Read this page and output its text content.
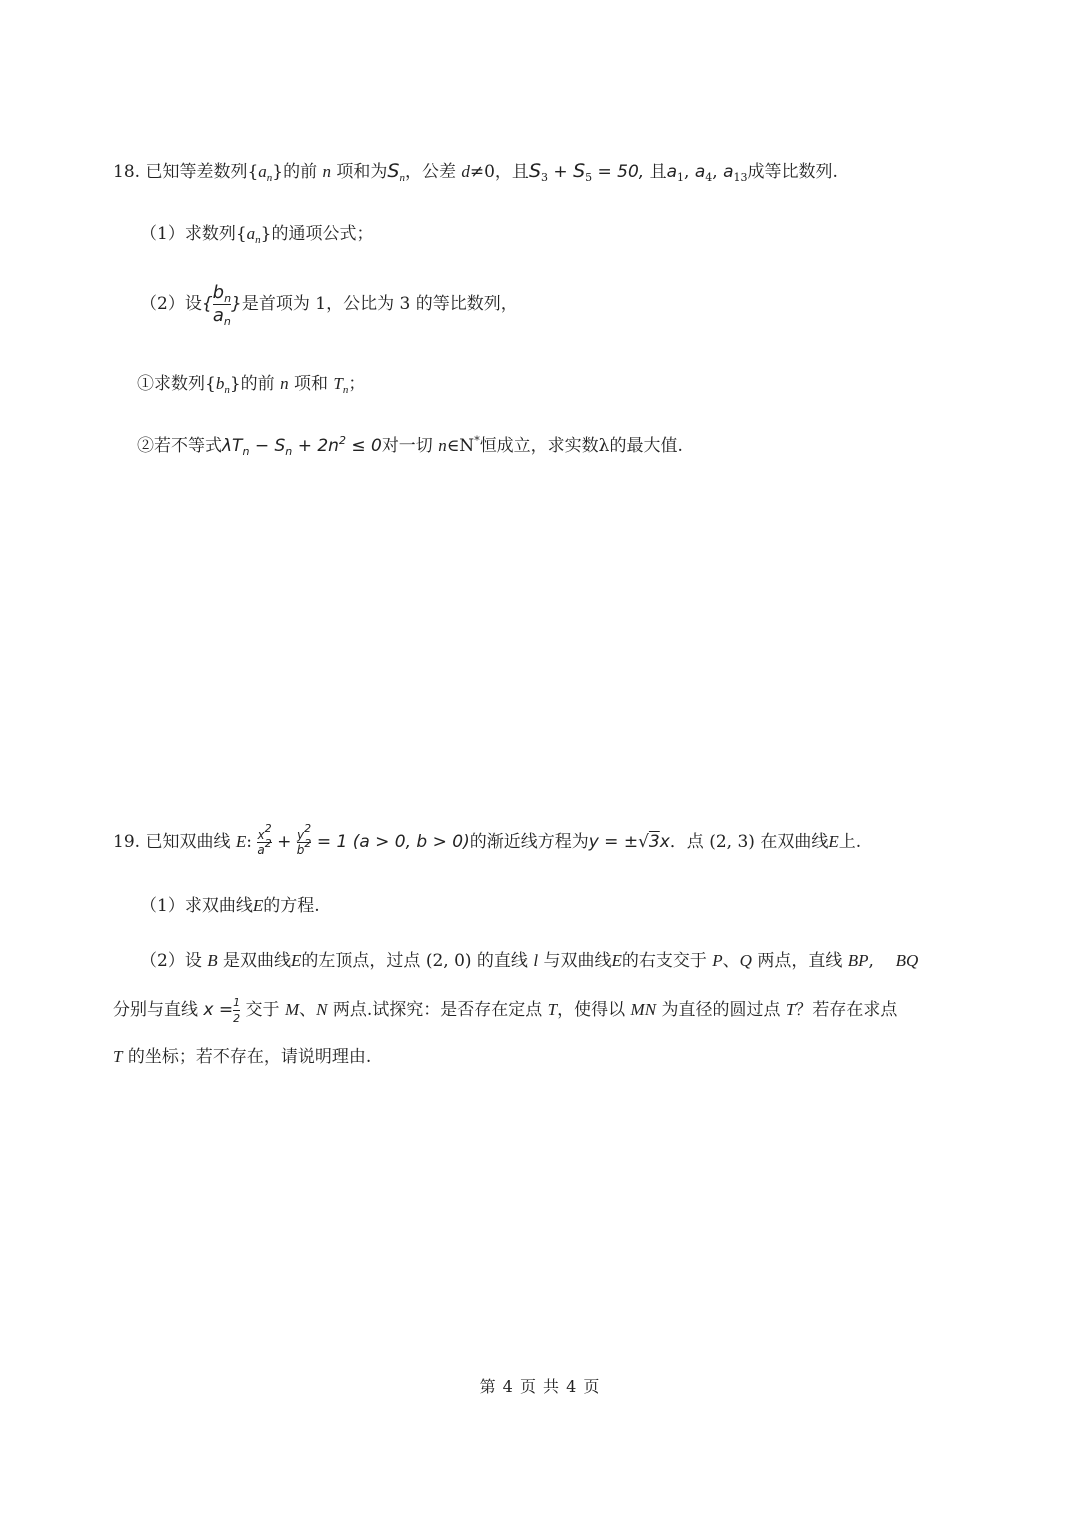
18. 已知等差数列$\{a_n\}$的前 n 项和为$S_n$，公差 d≠0，且$S_3 + S_5 = 50$, 且$a_1$, $a_4$, $a_{13}$成等比数列.
（1）求数列$\{a_n\}$的通项公式；
（2）设{ $\frac{b_n}{a_n}$ }是首项为 1，公比为 3 的等比数列，
①求数列$\{b_n\}$的前 n 项和 $T_n$；
②若不等式$\lambda T_n - S_n + 2n^2 \le 0$对一切 n∈N*恒成立，求实数λ的最大值.
19. 已知双曲线 E: $\frac{x^2}{a^2} + \frac{y^2}{b^2} = 1$ (a > 0, b > 0)的渐近线方程为y = ±√3x．点 (2, 3) 在双曲线E上.
（1）求双曲线E的方程.
（2）设 B 是双曲线E的左顶点，过点 (2, 0) 的直线 l 与双曲线E的右支交于 P、Q 两点，直线 BP,    BQ
分别与直线 $x = \frac{1}{2}$ 交于 M、N 两点.试探究：是否存在定点 T，使得以 MN 为直径的圆过点 T？若存在求点
T 的坐标；若不存在，请说明理由.
第 4 页 共 4 页
